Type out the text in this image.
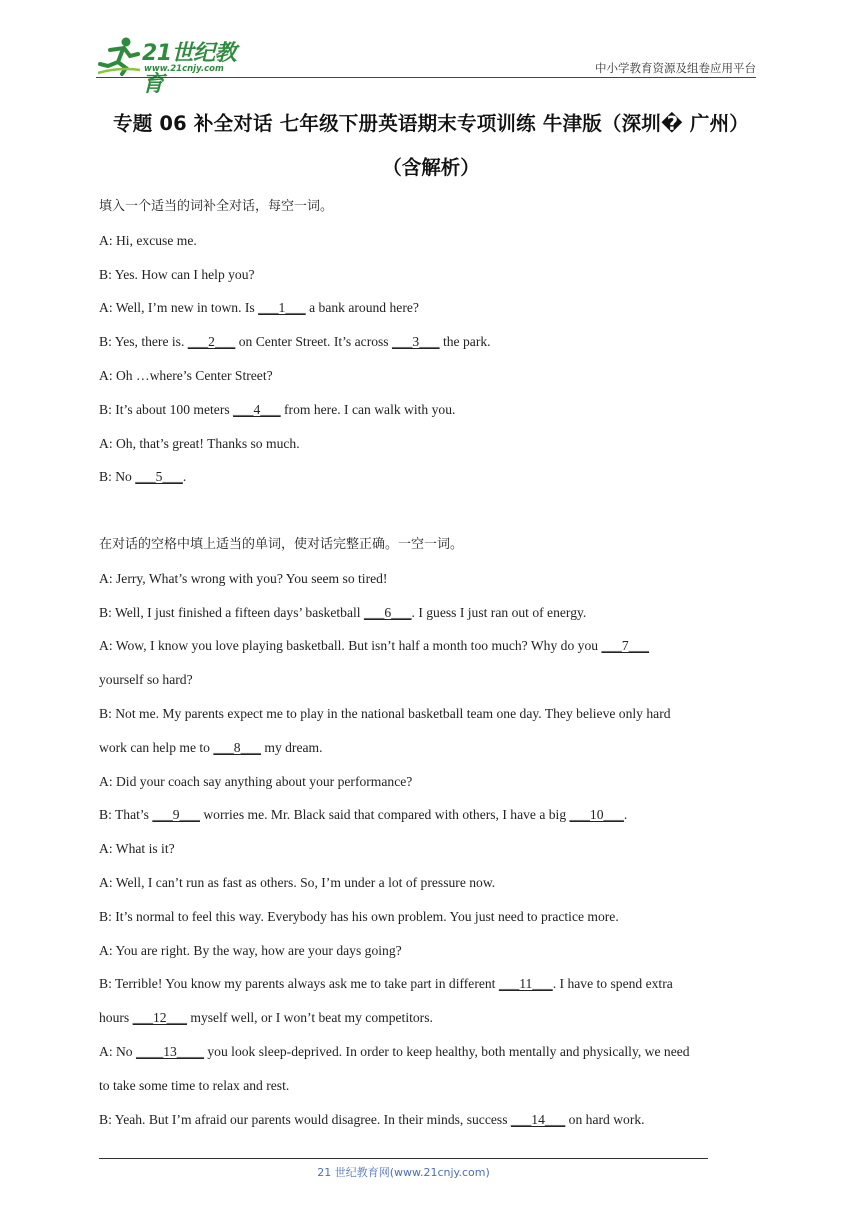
21世纪教育
www.21cnjy.com	中小学教育资源及组卷应用平台
专题 06 补全对话 七年级下册英语期末专项训练 牛津版（深圳� 广州）
（含解析）
填入一个适当的词补全对话，每空一词。
A: Hi, excuse me.
B: Yes. How can I help you?
A: Well, I’m new in town. Is ___1___ a bank around here?
B: Yes, there is. ___2___ on Center Street. It’s across ___3___ the park.
A: Oh …where’s Center Street?
B: It’s about 100 meters ___4___ from here. I can walk with you.
A: Oh, that’s great! Thanks so much.
B: No ___5___.
在对话的空格中填上适当的单词，使对话完整正确。一空一词。
A: Jerry, What’s wrong with you? You seem so tired!
B: Well, I just finished a fifteen days’ basketball ___6___. I guess I just ran out of energy.
A: Wow, I know you love playing basketball. But isn’t half a month too much? Why do you ___7___
yourself so hard?
B: Not me. My parents expect me to play in the national basketball team one day. They believe only hard
work can help me to ___8___ my dream.
A: Did your coach say anything about your performance?
B: That’s ___9___ worries me. Mr. Black said that compared with others, I have a big ___10___.
A: What is it?
A: Well, I can’t run as fast as others. So, I’m under a lot of pressure now.
B: It’s normal to feel this way. Everybody has his own problem. You just need to practice more.
A: You are right. By the way, how are your days going?
B: Terrible! You know my parents always ask me to take part in different ___11___. I have to spend extra
hours ___12___ myself well, or I won’t beat my competitors.
A: No ____13____ you look sleep-deprived. In order to keep healthy, both mentally and physically, we need
to take some time to relax and rest.
B: Yeah. But I’m afraid our parents would disagree. In their minds, success ___14___ on hard work.
21 世纪教育网(www.21cnjy.com)
